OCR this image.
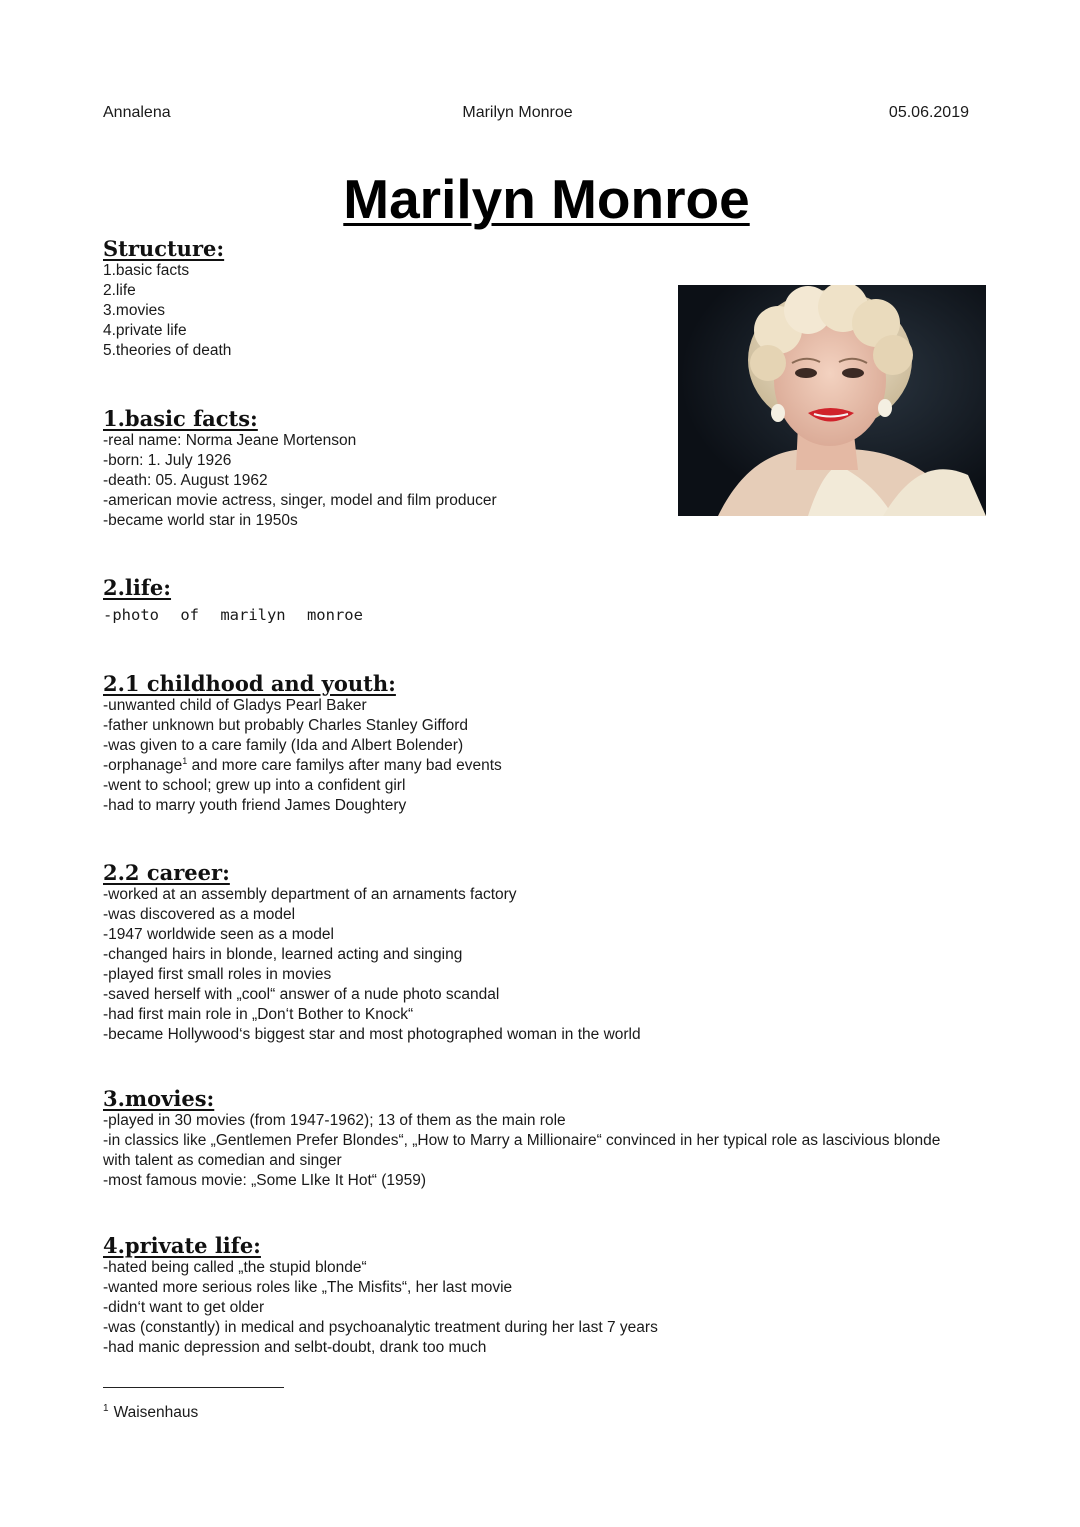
Annalena	Marilyn Monroe	05.06.2019
Marilyn Monroe
Structure:
1.basic facts
2.life
3.movies
4.private life
5.theories of death
1.basic facts:
-real name: Norma Jeane Mortenson
-born: 1. July 1926
-death: 05. August 1962
-american movie actress, singer, model and film producer
-became world star in 1950s
2.life:
-photo of marilyn monroe
2.1 childhood and youth:
-unwanted child of Gladys Pearl Baker
-father unknown but probably Charles Stanley Gifford
-was given to a care family (Ida and Albert Bolender)
-orphanage$^1$ and more care familys after many bad events
-went to school; grew up into a confident girl
-had to marry youth friend James Doughtery
2.2 career:
-worked at an assembly department of an arnaments factory
-was discovered as a model
-1947 worldwide seen as a model
-changed hairs in blonde, learned acting and singing
-played first small roles in movies
-saved herself with „cool“ answer of a nude photo scandal
-had first main role in „Don‘t Bother to Knock“
-became Hollywood‘s biggest star and most photographed woman in the world
3.movies:
-played in 30 movies (from 1947-1962); 13 of them as the main role
-in classics like „Gentlemen Prefer Blondes“, „How to Marry a Millionaire“ convinced in her typical role as lascivious blonde with talent as comedian and singer
-most famous movie: „Some LIke It Hot“ (1959)
4.private life:
-hated being called „the stupid blonde“
-wanted more serious roles like „The Misfits“, her last movie
-didn‘t want to get older
-was (constantly) in medical and psychoanalytic treatment during her last 7 years
-had manic depression and selbt-doubt, drank too much
$^1$ Waisenhaus
